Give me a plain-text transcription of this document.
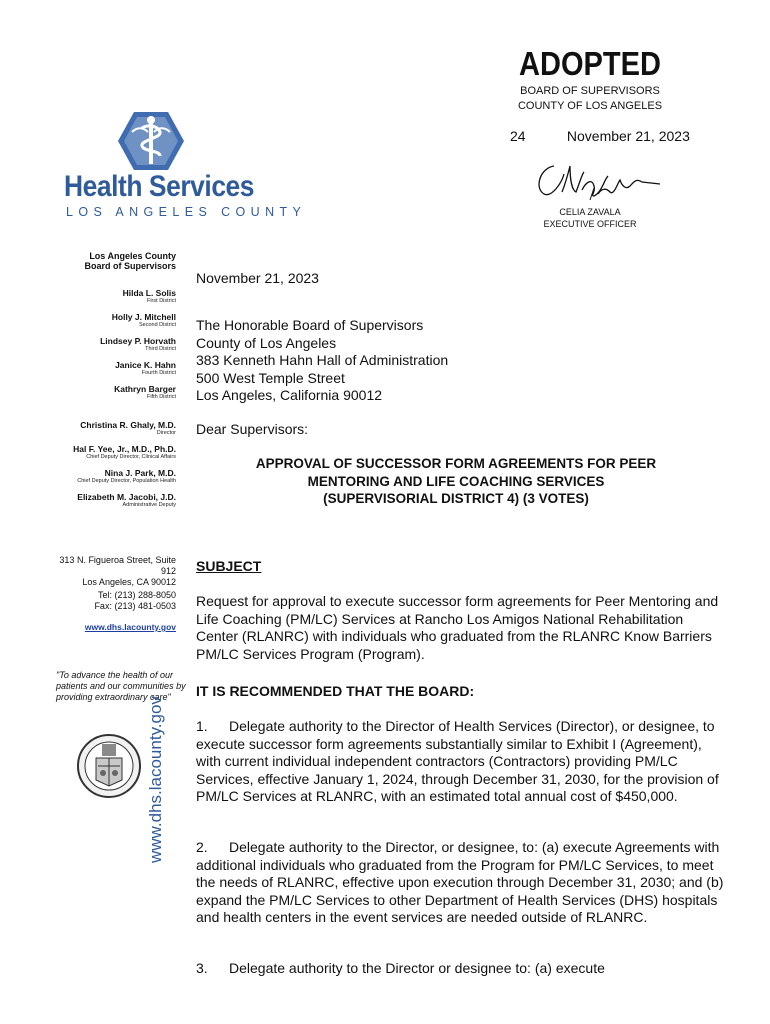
ADOPTED
BOARD OF SUPERVISORS
COUNTY OF LOS ANGELES
24	November 21, 2023
CELIA ZAVALA
EXECUTIVE OFFICER
Health Services
LOS ANGELES COUNTY
Los Angeles County
Board of Supervisors
Hilda L. Solis
First District
Holly J. Mitchell
Second District
Lindsey P. Horvath
Third District
Janice K. Hahn
Fourth District
Kathryn Barger
Fifth District
Christina R. Ghaly, M.D.
Director
Hal F. Yee, Jr., M.D., Ph.D.
Chief Deputy Director, Clinical Affairs
Nina J. Park, M.D.
Chief Deputy Director, Population Health
Elizabeth M. Jacobi, J.D.
Administrative Deputy
313 N. Figueroa Street, Suite 912
Los Angeles, CA 90012
Tel: (213) 288-8050
Fax: (213) 481-0503
www.dhs.lacounty.gov
"To advance the health of our patients and our communities by providing extraordinary care"
www.dhs.lacounty.gov
November 21, 2023
The Honorable Board of Supervisors
County of Los Angeles
383 Kenneth Hahn Hall of Administration
500 West Temple Street
Los Angeles, California 90012
Dear Supervisors:
APPROVAL OF SUCCESSOR FORM AGREEMENTS FOR PEER
MENTORING AND LIFE COACHING SERVICES
(SUPERVISORIAL DISTRICT 4) (3 VOTES)
SUBJECT
Request for approval to execute successor form agreements for Peer Mentoring and Life Coaching (PM/LC) Services at Rancho Los Amigos National Rehabilitation Center (RLANRC) with individuals who graduated from the RLANRC Know Barriers PM/LC Services Program (Program).
IT IS RECOMMENDED THAT THE BOARD:
1. Delegate authority to the Director of Health Services (Director), or designee, to execute successor form agreements substantially similar to Exhibit I (Agreement), with current individual independent contractors (Contractors) providing PM/LC Services, effective January 1, 2024, through December 31, 2030, for the provision of PM/LC Services at RLANRC, with an estimated total annual cost of $450,000.
2. Delegate authority to the Director, or designee, to: (a) execute Agreements with additional individuals who graduated from the Program for PM/LC Services, to meet the needs of RLANRC, effective upon execution through December 31, 2030; and (b) expand the PM/LC Services to other Department of Health Services (DHS) hospitals and health centers in the event services are needed outside of RLANRC.
3. Delegate authority to the Director or designee to: (a) execute
